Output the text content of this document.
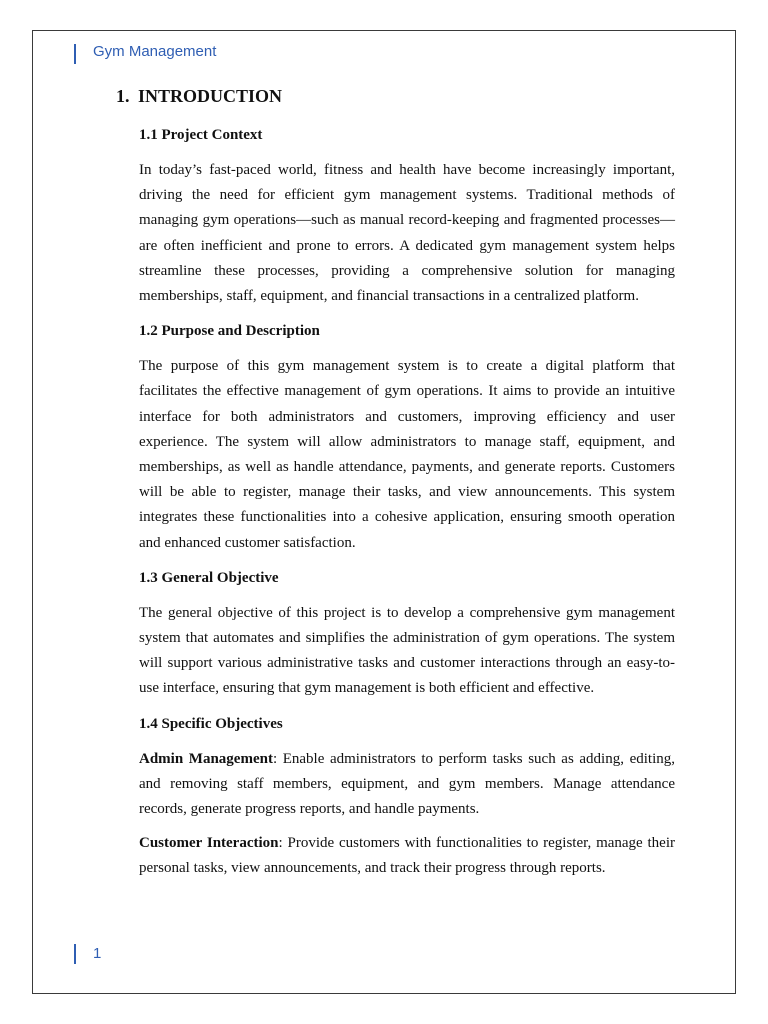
Gym Management
1. INTRODUCTION

1.1 Project Context

In today’s fast-paced world, fitness and health have become increasingly important, driving the need for efficient gym management systems. Traditional methods of managing gym operations—such as manual record-keeping and fragmented processes—are often inefficient and prone to errors. A dedicated gym management system helps streamline these processes, providing a comprehensive solution for managing memberships, staff, equipment, and financial transactions in a centralized platform.

1.2 Purpose and Description

The purpose of this gym management system is to create a digital platform that facilitates the effective management of gym operations. It aims to provide an intuitive interface for both administrators and customers, improving efficiency and user experience. The system will allow administrators to manage staff, equipment, and memberships, as well as handle attendance, payments, and generate reports. Customers will be able to register, manage their tasks, and view announcements. This system integrates these functionalities into a cohesive application, ensuring smooth operation and enhanced customer satisfaction.

1.3 General Objective

The general objective of this project is to develop a comprehensive gym management system that automates and simplifies the administration of gym operations. The system will support various administrative tasks and customer interactions through an easy-to-use interface, ensuring that gym management is both efficient and effective.

1.4 Specific Objectives

Admin Management: Enable administrators to perform tasks such as adding, editing, and removing staff members, equipment, and gym members. Manage attendance records, generate progress reports, and handle payments.

Customer Interaction: Provide customers with functionalities to register, manage their personal tasks, view announcements, and track their progress through reports.

1
